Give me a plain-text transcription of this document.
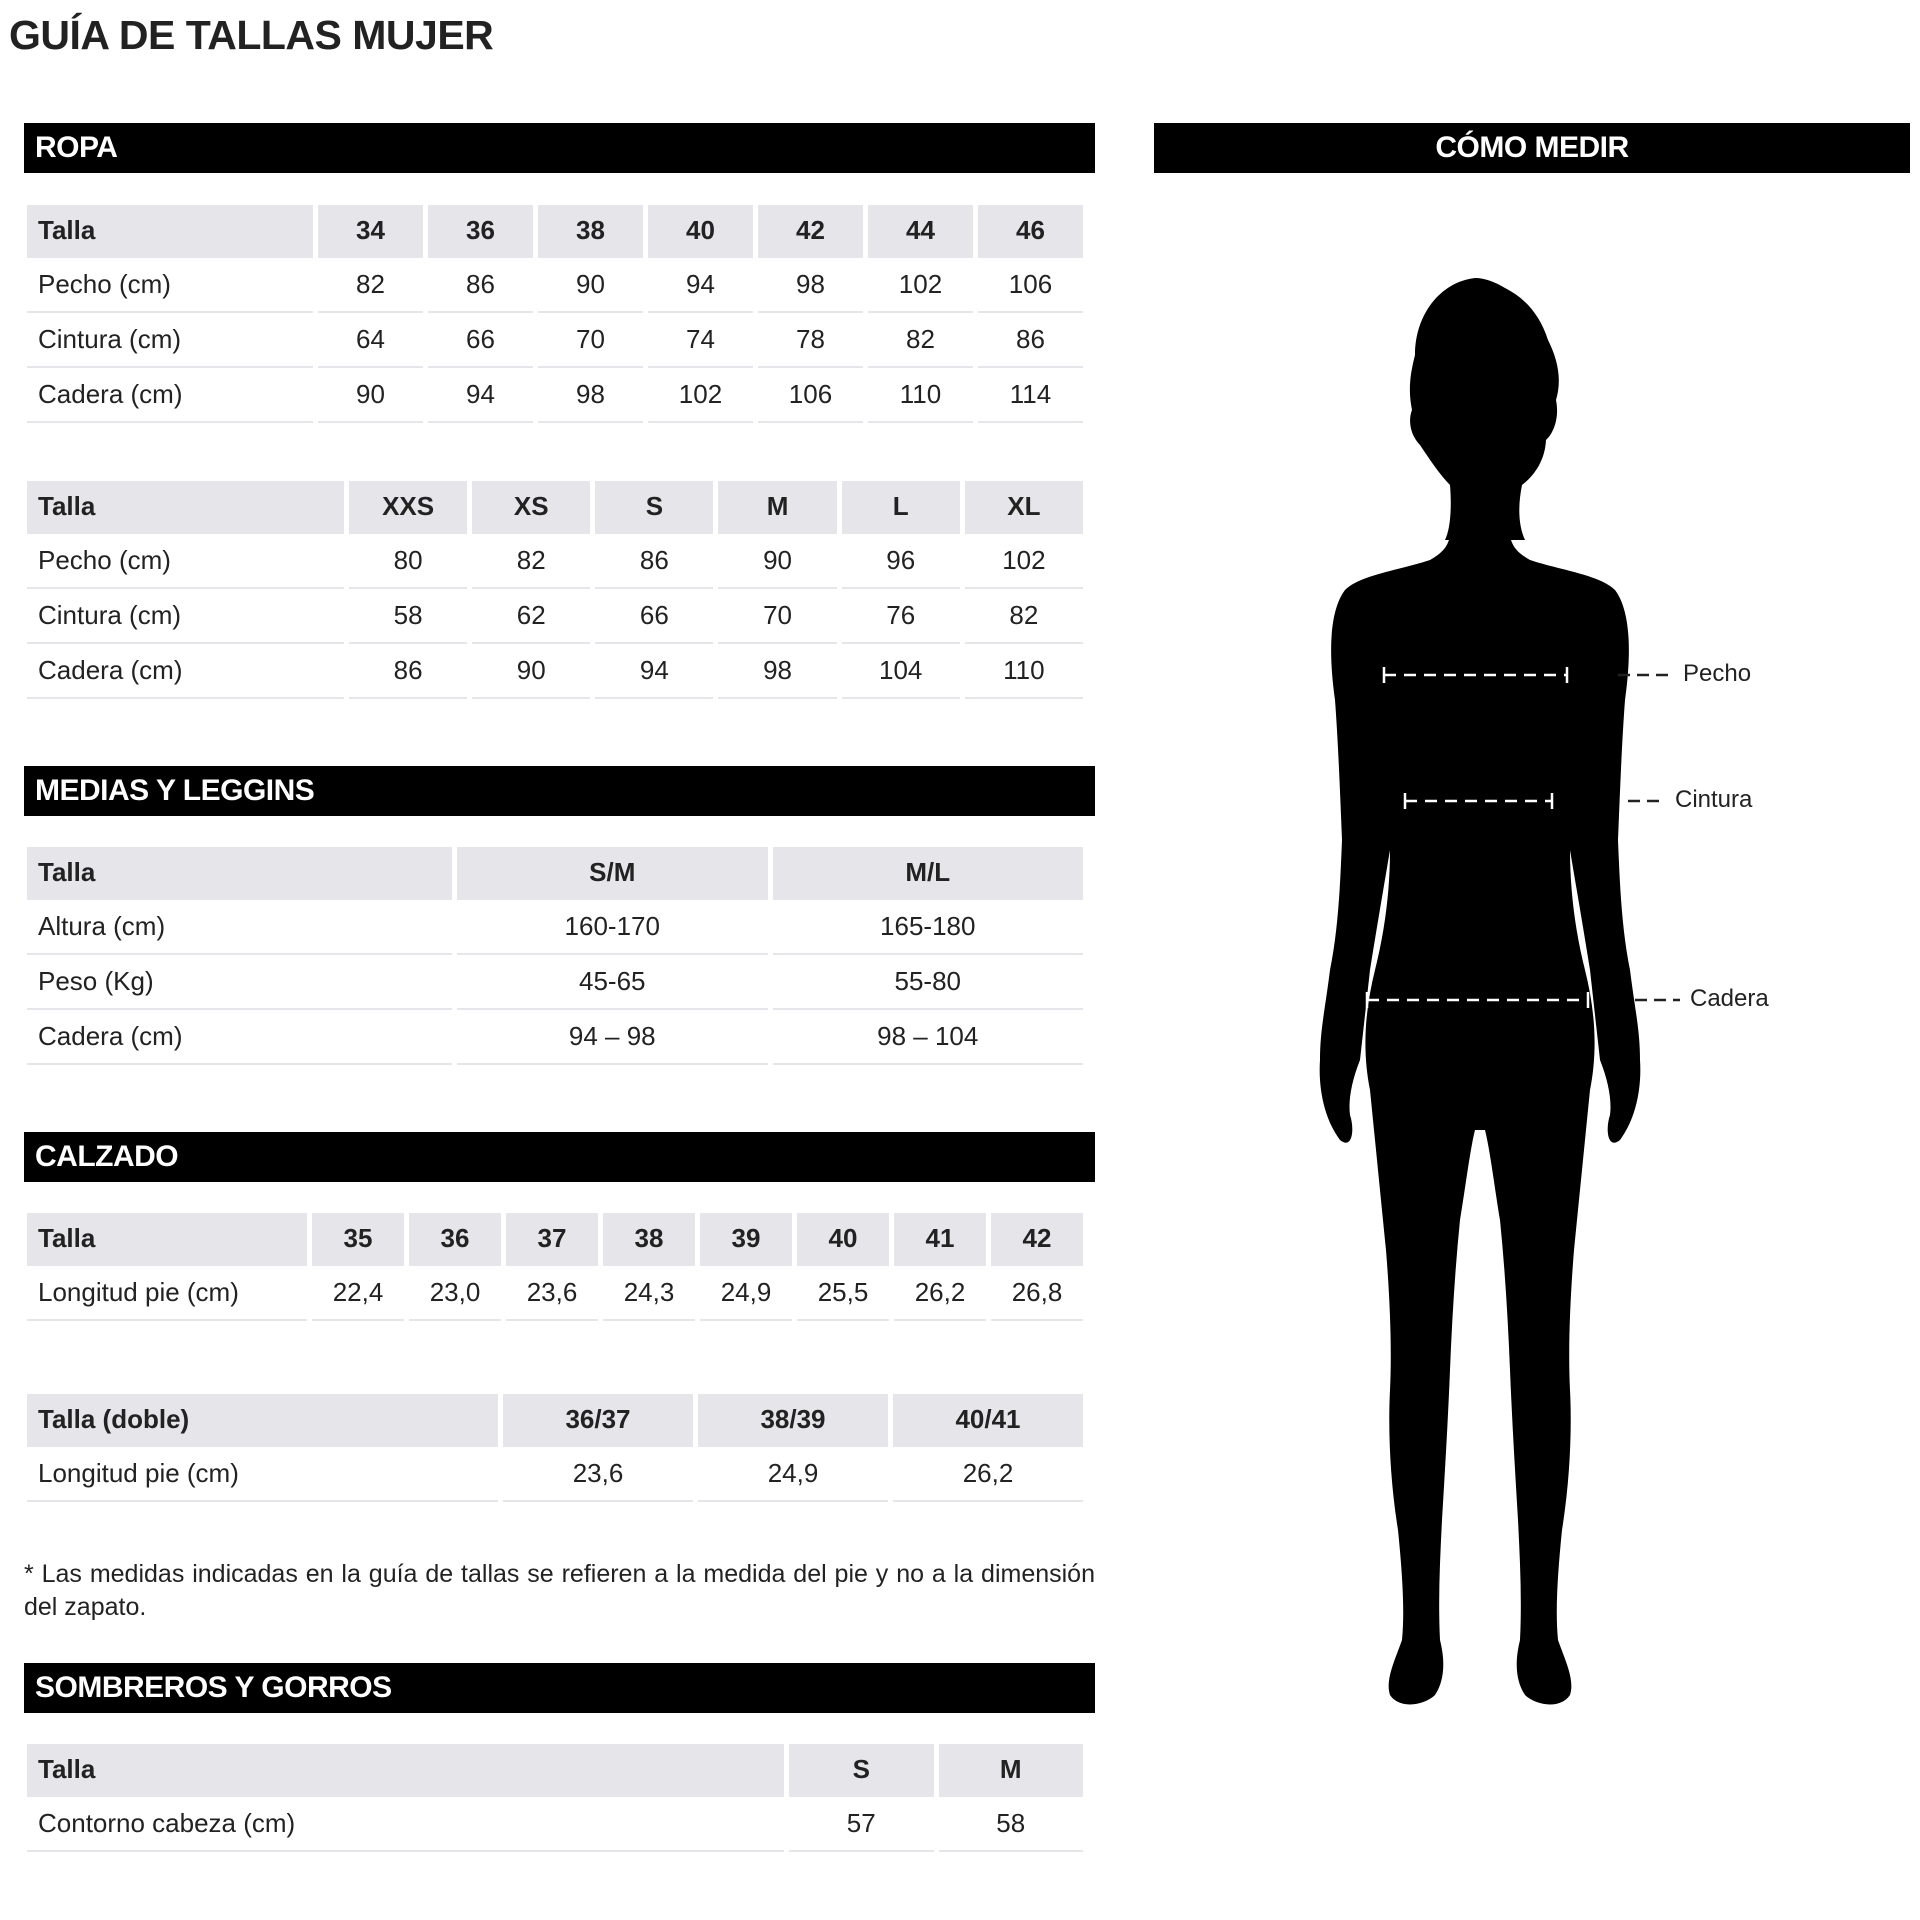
GUÍA DE TALLAS MUJER
ROPA
Talla	34	36	38	40	42	44	46
Pecho (cm)	82	86	90	94	98	102	106
Cintura (cm)	64	66	70	74	78	82	86
Cadera (cm)	90	94	98	102	106	110	114
Talla	XXS	XS	S	M	L	XL
Pecho (cm)	80	82	86	90	96	102
Cintura (cm)	58	62	66	70	76	82
Cadera (cm)	86	90	94	98	104	110
MEDIAS Y LEGGINS
Talla	S/M	M/L
Altura (cm)	160-170	165-180
Peso (Kg)	45-65	55-80
Cadera (cm)	94 – 98	98 – 104
CALZADO
Talla	35	36	37	38	39	40	41	42
Longitud pie (cm)	22,4	23,0	23,6	24,3	24,9	25,5	26,2	26,8
Talla (doble)	36/37	38/39	40/41
Longitud pie (cm)	23,6	24,9	26,2
* Las medidas indicadas en la guía de tallas se refieren a la medida del pie y no a la dimensión del zapato.
SOMBREROS Y GORROS
Talla	S	M
Contorno cabeza (cm)	57	58
CÓMO MEDIR
Pecho
Cintura
Cadera
